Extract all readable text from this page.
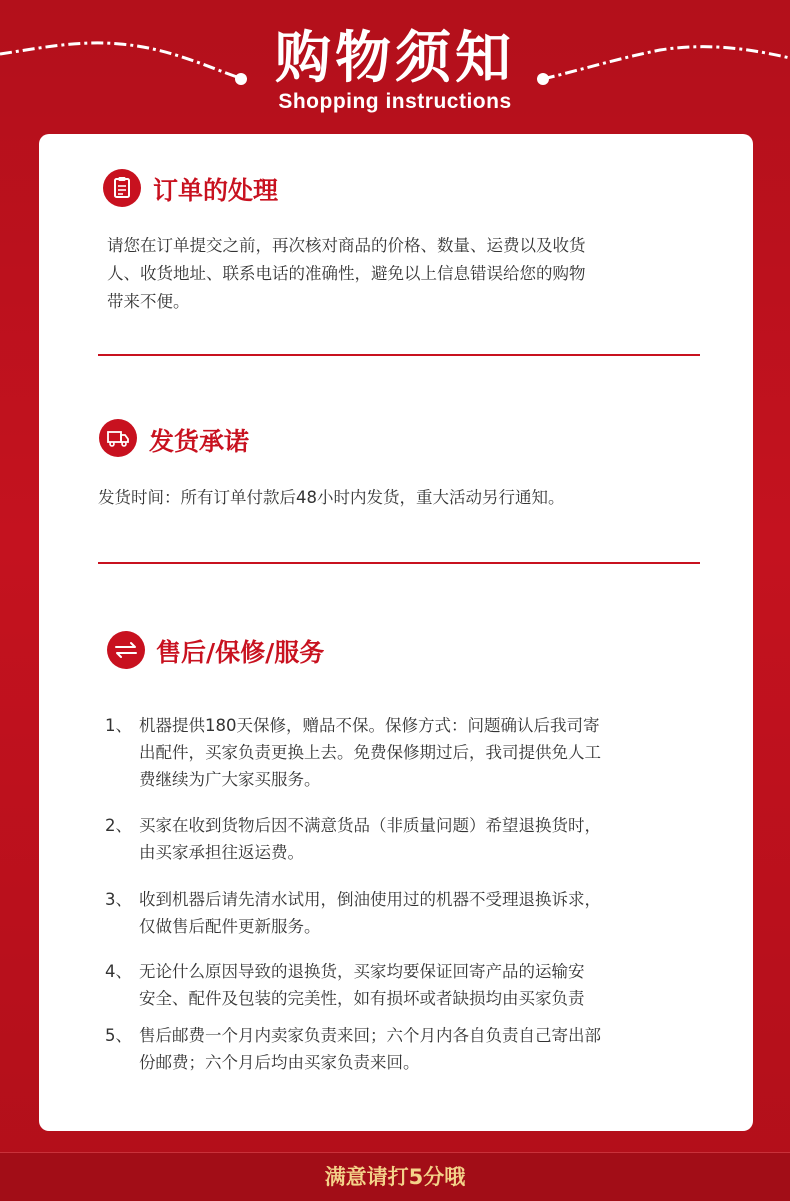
购物须知
Shopping instructions
订单的处理

请您在订单提交之前，再次核对商品的价格、数量、运费以及收货

人、收货地址、联系电话的准确性，避免以上信息错误给您的购物

带来不便。

发货承诺

发货时间：所有订单付款后48小时内发货，重大活动另行通知。

售后/保修/服务
1、 机器提供180天保修，赠品不保。保修方式：问题确认后我司寄
出配件，买家负责更换上去。免费保修期过后，我司提供免人工
费继续为广大家买服务。
2、 买家在收到货物后因不满意货品（非质量问题）希望退换货时，
由买家承担往返运费。
3、 收到机器后请先清水试用，倒油使用过的机器不受理退换诉求，
仅做售后配件更新服务。
4、 无论什么原因导致的退换货，买家均要保证回寄产品的运输安
安全、配件及包装的完美性，如有损坏或者缺损均由买家负责
5、 售后邮费一个月内卖家负责来回；六个月内各自负责自己寄出部
份邮费；六个月后均由买家负责来回。
满意请打5分哦
